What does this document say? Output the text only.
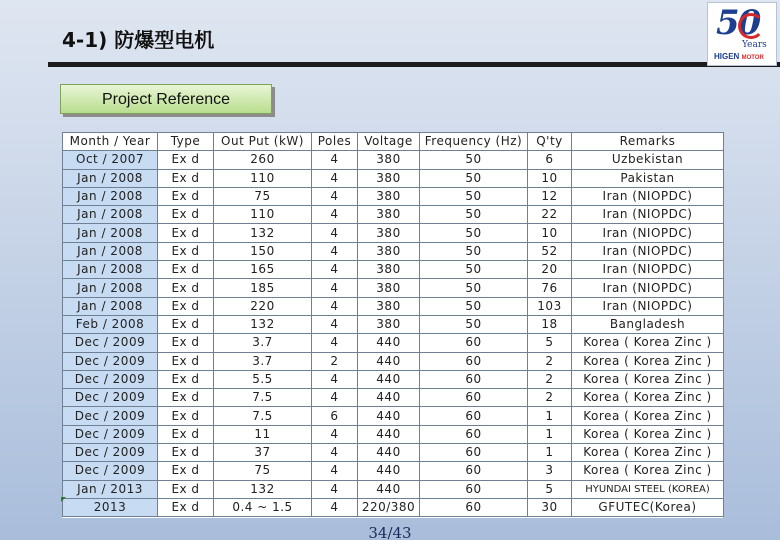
4-1) 防爆型电机	50
Years
HIGEN MOTOR
Project Reference
Month / Year	Type	Out Put (kW)	Poles	Voltage	Frequency (Hz)	Q'ty	Remarks
Oct / 2007	Ex d	260	4	380	50	6	Uzbekistan
Jan / 2008	Ex d	110	4	380	50	10	Pakistan
Jan / 2008	Ex d	75	4	380	50	12	Iran (NIOPDC)
Jan / 2008	Ex d	110	4	380	50	22	Iran (NIOPDC)
Jan / 2008	Ex d	132	4	380	50	10	Iran (NIOPDC)
Jan / 2008	Ex d	150	4	380	50	52	Iran (NIOPDC)
Jan / 2008	Ex d	165	4	380	50	20	Iran (NIOPDC)
Jan / 2008	Ex d	185	4	380	50	76	Iran (NIOPDC)
Jan / 2008	Ex d	220	4	380	50	103	Iran (NIOPDC)
Feb / 2008	Ex d	132	4	380	50	18	Bangladesh
Dec / 2009	Ex d	3.7	4	440	60	5	Korea ( Korea Zinc )
Dec / 2009	Ex d	3.7	2	440	60	2	Korea ( Korea Zinc )
Dec / 2009	Ex d	5.5	4	440	60	2	Korea ( Korea Zinc )
Dec / 2009	Ex d	7.5	4	440	60	2	Korea ( Korea Zinc )
Dec / 2009	Ex d	7.5	6	440	60	1	Korea ( Korea Zinc )
Dec / 2009	Ex d	11	4	440	60	1	Korea ( Korea Zinc )
Dec / 2009	Ex d	37	4	440	60	1	Korea ( Korea Zinc )
Dec / 2009	Ex d	75	4	440	60	3	Korea ( Korea Zinc )
Jan / 2013	Ex d	132	4	440	60	5	HYUNDAI STEEL (KOREA)
2013	Ex d	0.4 ~ 1.5	4	220/380	60	30	GFUTEC(Korea)
34/43
